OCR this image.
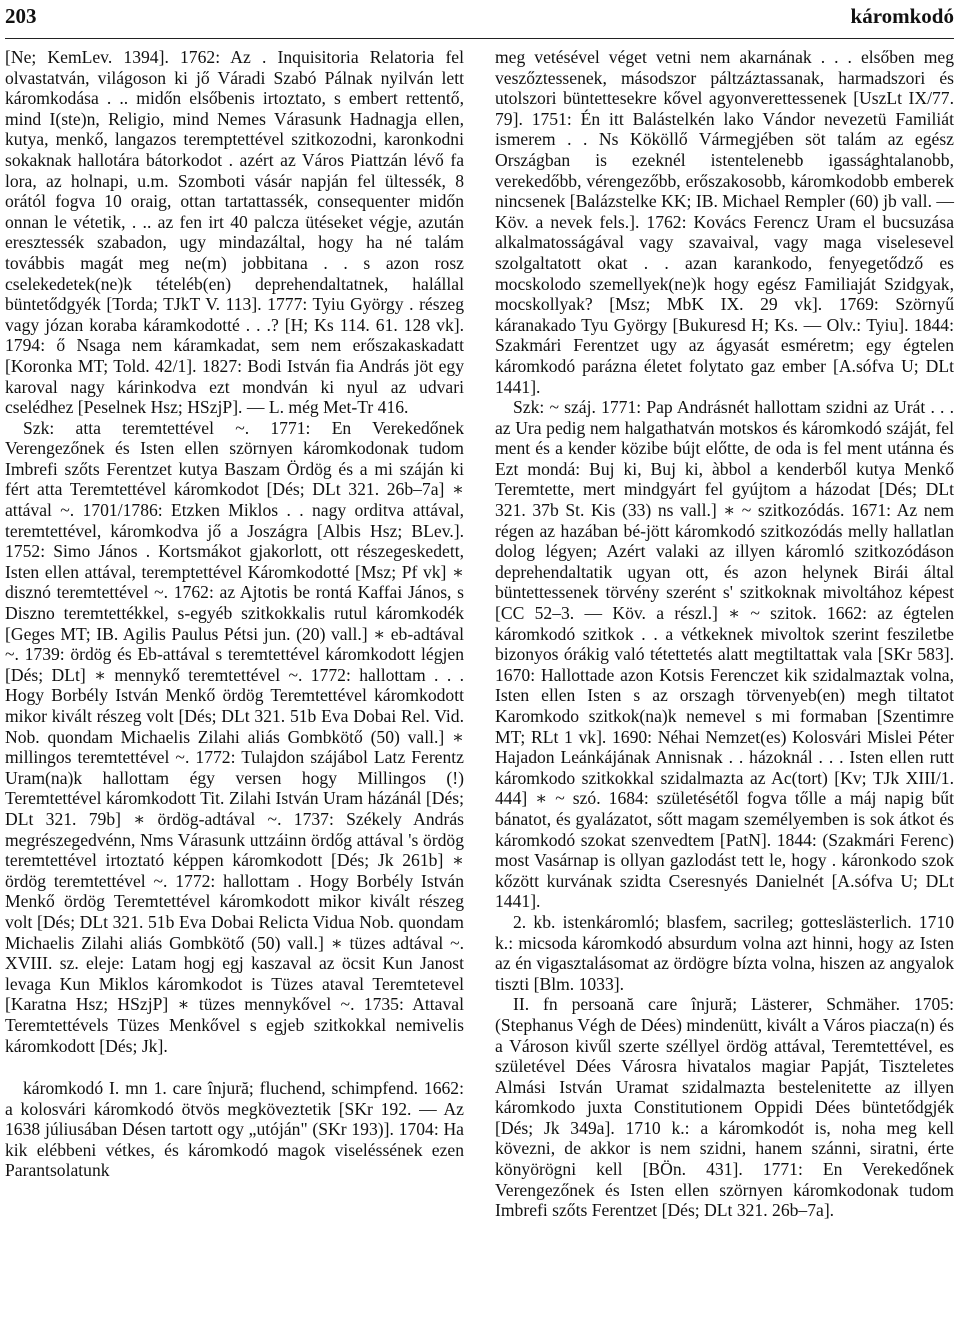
203	káromkodó

[Ne; KemLev. 1394]. 1762: Az . Inquisitoria Relatoria fel olvastatván, világoson ki jő Váradi Szabó Pálnak nyilván lett káromkodása . .. midőn elsőbenis irtoztato, s embert rettentő, mind I(ste)n, Religio, mind Nemes Várasunk Hadnagja ellen, kutya, menkő, langazos teremptettével szitkozodni, karonkodni sokaknak hallotára bátorkodot . azért az Város Piattzán lévő fa lora, az holnapi, u.m. Szomboti vásár napján fel ültessék, 8 orától fogva 10 oraig, ottan tartattassék, consequenter midőn onnan le vétetik, . .. az fen irt 40 palcza ütéseket végje, azután eresztessék szabadon, ugy mindazáltal, hogy ha né talám továbbis magát meg ne(m) jobbitana . . s azon rosz cselekedetek(ne)k tételéb(en) deprehendaltatnek, halállal büntetődgyék [Torda; TJkT V. 113]. 1777: Tyiu György . részeg vagy józan koraba káramkodotté . . .? [H; Ks 114. 61. 128 vk]. 1794: ő Nsaga nem káramkadat, sem nem erőszakaskadatt [Koronka MT; Told. 42/1]. 1827: Bodi István fia András jöt egy karoval nagy kárinkodva ezt mondván ki nyul az udvari cselédhez [Peselnek Hsz; HSzjP]. — L. még Met-Tr 416.

Szk: atta teremtettével ~. 1771: En Verekedőnek Verengezőnek és Isten ellen szörnyen káromkodonak tudom Imbrefi szőts Ferentzet kutya Baszam Ördög és a mi száján ki fért atta Teremtettével káromkodot [Dés; DLt 321. 26b–7a] ∗ attával ~. 1701/1786: Etzken Miklos . . nagy orditva attával, teremtettével, káromkodva jő a Joszágra [Albis Hsz; BLev.]. 1752: Simo János . Kortsmákot gjakorlott, ott részegeskedett, Isten ellen attával, teremptettével Káromkodotté [Msz; Pf vk] ∗ disznó teremtettével ~. 1762: az Ajtotis be rontá Kaffai János, s Diszno teremtettékkel, s-egyéb szitkokkalis rutul káromkodék [Geges MT; IB. Agilis Paulus Pétsi jun. (20) vall.] ∗ eb-adtával ~. 1739: ördög és Eb-attával s teremtettével káromkodott légjen [Dés; DLt] ∗ mennykő teremtettével ~. 1772: hallottam . . . Hogy Borbély István Menkő ördög Teremtettével káromkodott mikor kivált részeg volt [Dés; DLt 321. 51b Eva Dobai Rel. Vid. Nob. quondam Michaelis Zilahi aliás Gombkötő (50) vall.] ∗ millingos teremtettével ~. 1772: Tulajdon szájábol Latz Ferentz Uram(na)k hallottam égy versen hogy Millingos (!) Teremtettével káromkodott Tit. Zilahi István Uram házánál [Dés; DLt 321. 79b] ∗ ördög-adtával ~. 1737: Székely András megrészegedvénn, Nms Várasunk uttzáinn ördőg attával 's ördög teremtettével irtoztató képpen káromkodott [Dés; Jk 261b] ∗ ördög teremtettével ~. 1772: hallottam . Hogy Borbély István Menkő ördög Teremtettével káromkodott mikor kivált részeg volt [Dés; DLt 321. 51b Eva Dobai Relicta Vidua Nob. quondam Michaelis Zilahi aliás Gombkötő (50) vall.] ∗ tüzes adtával ~. XVIII. sz. eleje: Latam hogj egj kaszaval az öcsit Kun Janost levaga Kun Miklos káromkodot is Tüzes ataval Teremtetevel [Karatna Hsz; HSzjP] ∗ tüzes mennykővel ~. 1735: Attaval Teremtettévels Tüzes Menkővel s egjeb szitkokkal nemivelis káromkodott [Dés; Jk].

káromkodó I. mn 1. care înjură; fluchend, schimpfend. 1662: a kolosvári káromkodó ötvös megköveztetik [SKr 192. — Az 1638 júliusában Désen tartott ogy „utóján" (SKr 193)]. 1704: Ha kik elébbeni vétkes, és káromkodó magok viseléssének ezen Parantsolatunk

meg vetésével véget vetni nem akarnának . . . elsőben meg veszőztessenek, másodszor páltzáztassanak, harmadszori és utolszori büntettesekre kővel agyonverettessenek [UszLt IX/77. 79]. 1751: Én itt Balástelkén lako Vándor nevezetü Familiát ismerem . . Ns Kököllő Vármegjében söt talám az egész Országban is ezeknél istentelenebb igassághtalanobb, verekedőbb, vérengezőbb, erőszakosobb, káromkodobb emberek nincsenek [Balázstelke KK; IB. Michael Rempler (60) jb vall. — Köv. a nevek fels.]. 1762: Kovács Ferencz Uram el bucsuzása alkalmatosságával vagy szavaival, vagy maga viselesevel szolgaltatott okat . . azan karankodo, fenyegetődző es mocskolodo szemellyek(ne)k hogy egész Familiaját Szidgyak, mocskollyak? [Msz; MbK IX. 29 vk]. 1769: Szörnyű káranakado Tyu György [Bukuresd H; Ks. — Olv.: Tyiu]. 1844: Szakmári Ferentzet ugy az ágyasát esméretm; egy égtelen káromkodó parázna életet folytato gaz ember [A.sófva U; DLt 1441].

Szk: ~ száj. 1771: Pap Andrásnét hallottam szidni az Urát . . . az Ura pedig nem halgathatván motskos és káromkodó száját, fel ment és a kender közibe bújt előtte, de oda is fel ment utánna és Ezt mondá: Buj ki, Buj ki, àbbol a kenderből kutya Menkő Teremtette, mert mindgyárt fel gyújtom a házodat [Dés; DLt 321. 37b St. Kis (33) ns vall.] ∗ ~ szitkozódás. 1671: Az nem régen az hazában bé-jött káromkodó szitkozódás melly hallatlan dolog légyen; Azért valaki az illyen káromló szitkozódáson deprehendaltatik ugyan ott, és azon helynek Birái által büntettessenek törvény szerént s' szitkoknak mivoltához képest [CC 52–3. — Köv. a részl.] ∗ ~ szitok. 1662: az égtelen káromkodó szitkok . . a vétkeknek mivoltok szerint fesziletbe bizonyos órákig való tétettetés alatt megtiltattak vala [SKr 583]. 1670: Hallottade azon Kotsis Ferenczet kik szidalmaztak volna, Isten ellen Isten s az orszagh törvenyeb(en) megh tiltatot Karomkodo szitkok(na)k nemevel s mi formaban [Szentimre MT; RLt 1 vk]. 1690: Néhai Nemzet(es) Kolosvári Mislei Péter Hajadon Leánkájának Annisnak . . házoknál . . . Isten ellen rutt káromkodo szitkokkal szidalmazta az Ac(tort) [Kv; TJk XIII/1. 444] ∗ ~ szó. 1684: születésétől fogva tőlle a máj napig bűt bánatot, és gyalázatot, sőtt magam személyemben is sok átkot és káromkodó szokat szenvedtem [PatN]. 1844: (Szakmári Ferenc) most Vasárnap is ollyan gazlodást tett le, hogy . káronkodo szok kőzött kurvának szidta Cseresnyés Danielnét [A.sófva U; DLt 1441].

2. kb. istenkáromló; blasfem, sacrileg; gotteslästerlich. 1710 k.: micsoda káromkodó absurdum volna azt hinni, hogy az Isten az én vigasztalásomat az ördögre bízta volna, hiszen az angyalok tiszti [Blm. 1033].

II. fn persoană care înjură; Lästerer, Schmäher. 1705: (Stephanus Végh de Dées) mindenütt, kivált a Város piacza(n) és a Városon kivűl szerte széllyel ördög attával, Teremtettével, es születével Dées Városra hivatalos magiar Papját, Tiszteletes Almási István Uramat szidalmazta bestelenitette az illyen káromkodo juxta Constitutionem Oppidi Dées büntetődgjék [Dés; Jk 349a]. 1710 k.: a káromkodót is, noha meg kell kövezni, de akkor is nem szidni, hanem szánni, siratni, érte könyörögni kell [BÖn. 431]. 1771: En Verekedőnek Verengezőnek és Isten ellen szörnyen káromkodonak tudom Imbrefi szőts Ferentzet [Dés; DLt 321. 26b–7a].
